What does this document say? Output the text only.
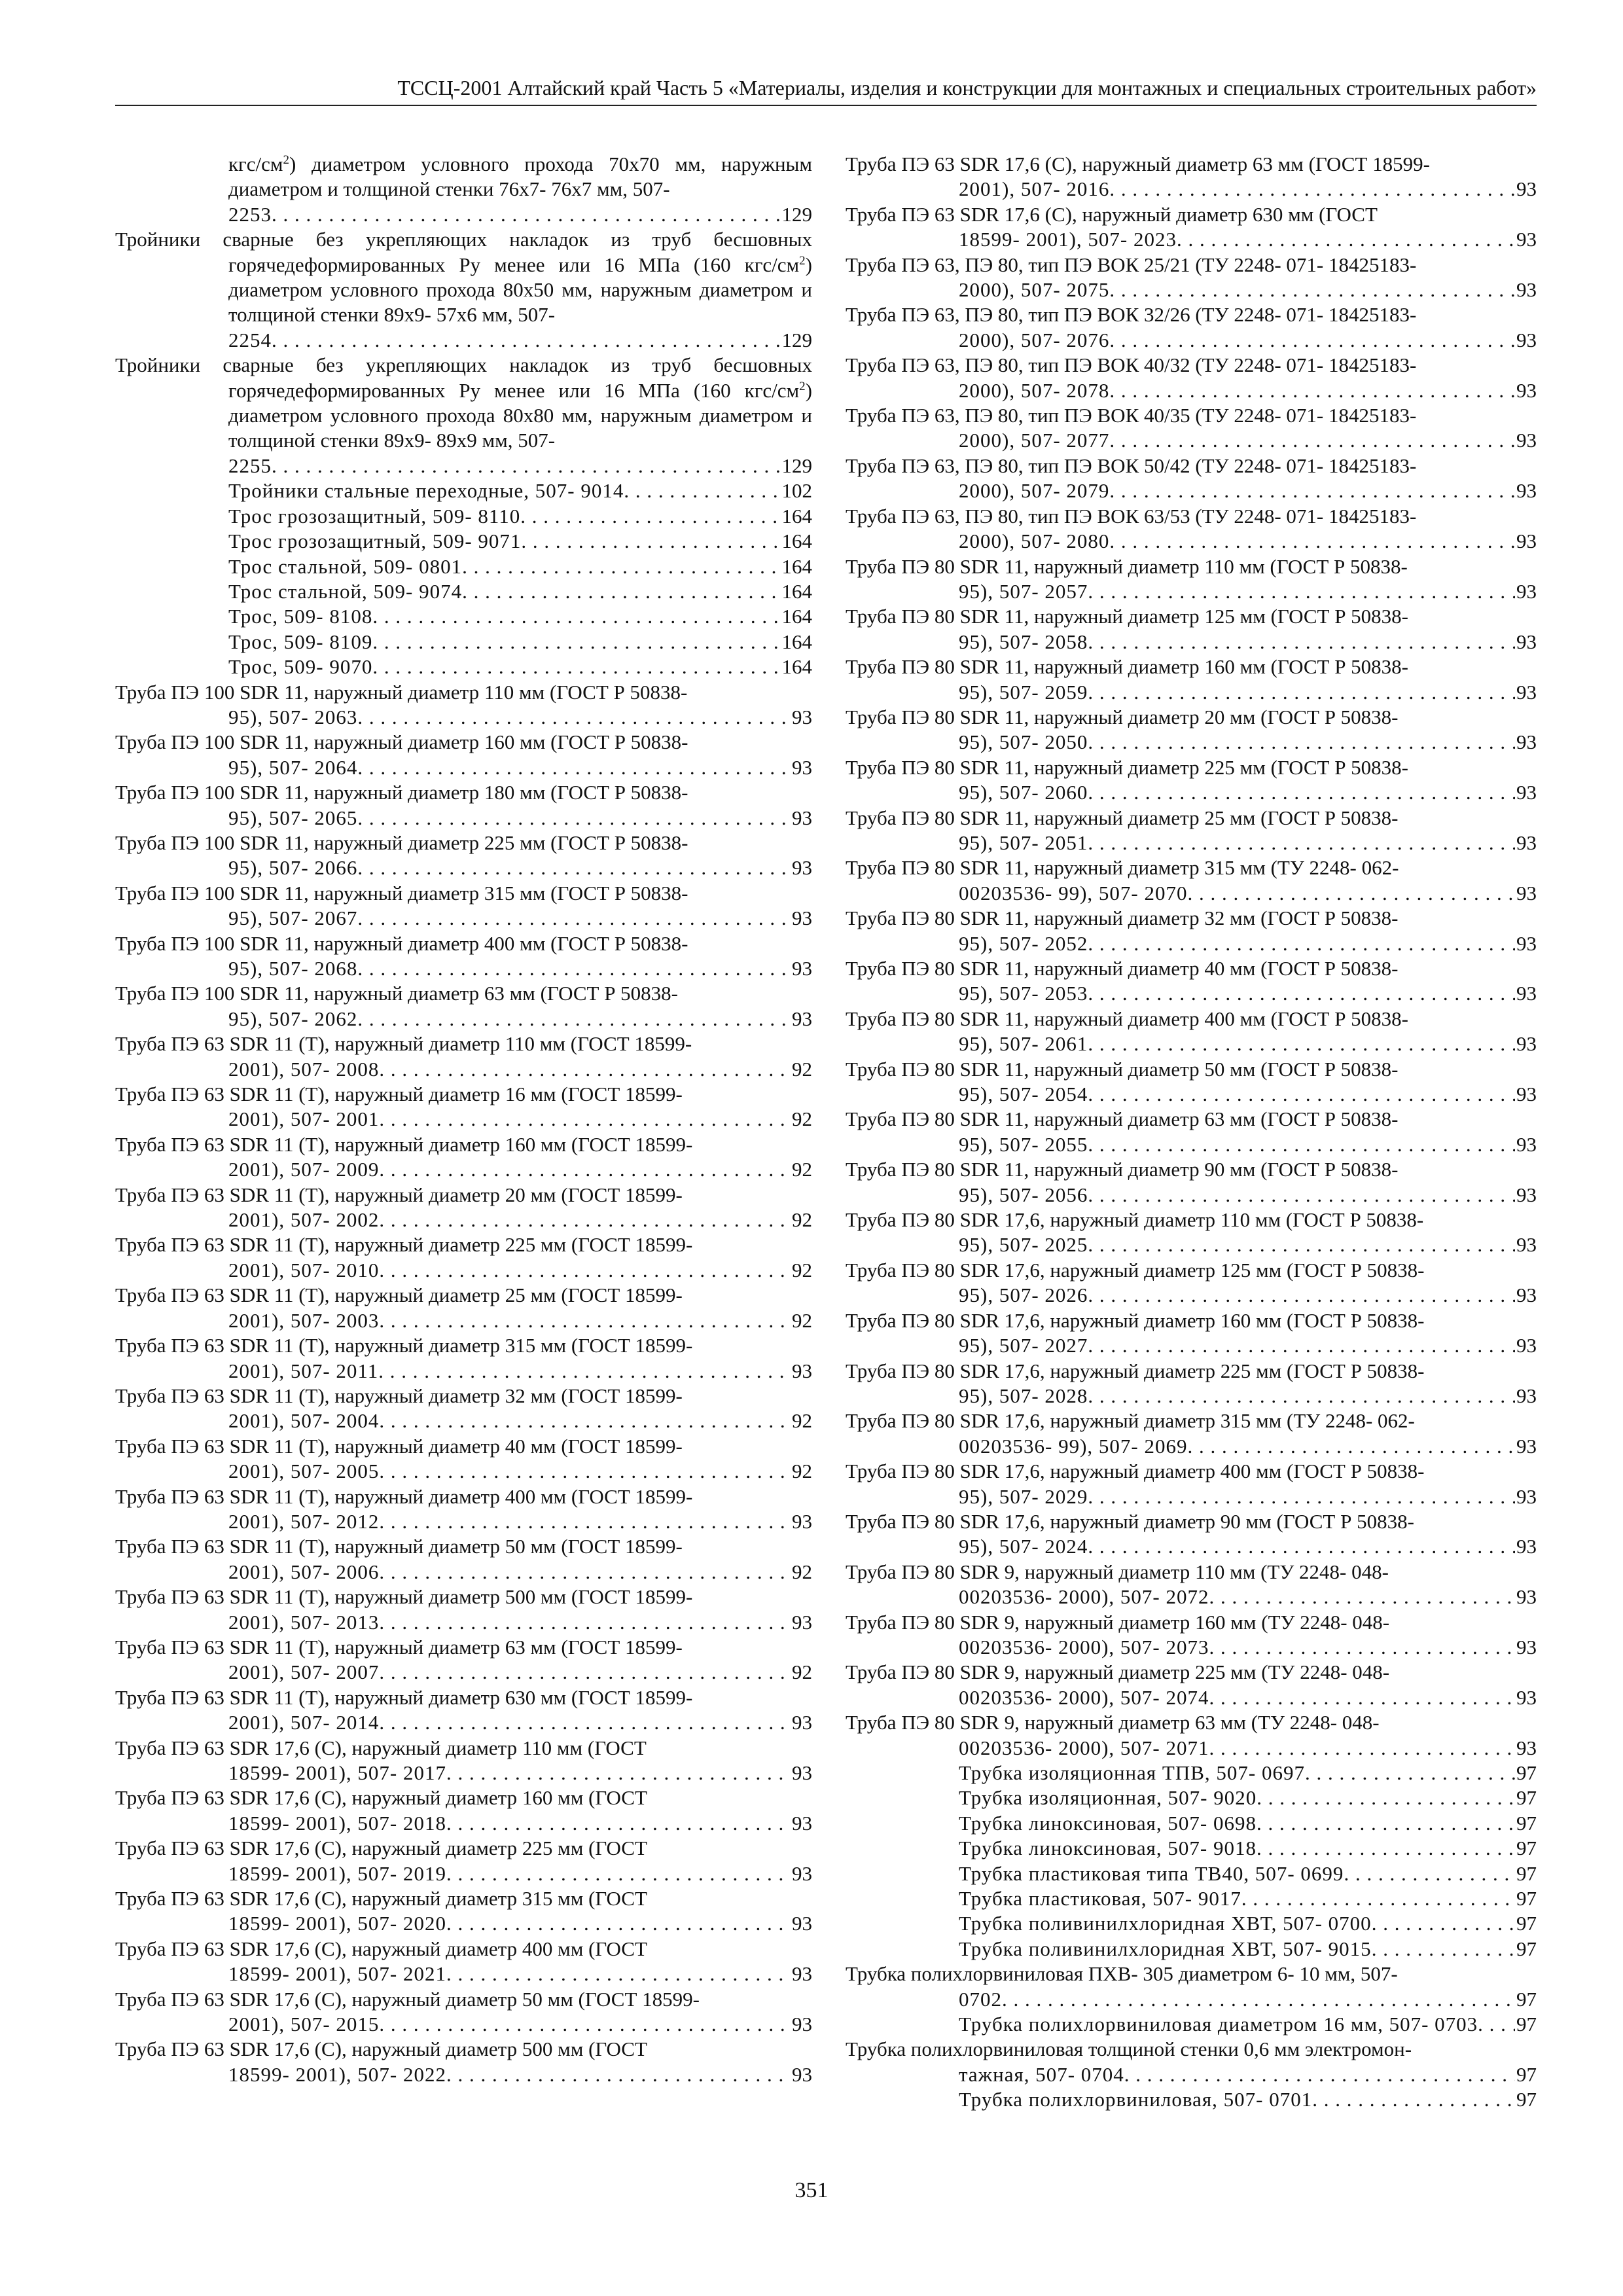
ТССЦ-2001 Алтайский край Часть 5 «Материалы, изделия и конструкции для монтажных и специальных строительных работ»
кгс/$см^2$) диаметром условного прохода 70х70 мм, наружным диаметром и толщиной стенки 76х7- 76х7 мм, 507-
2253 . . .	129
Тройники сварные без укрепляющих накладок из труб бесшовных горячедеформированных Ру менее или 16 МПа (160 кгс/$см^2$) диаметром условного прохода 80х50 мм, наружным диаметром и толщиной стенки 89х9- 57х6 мм, 507-
2254 . . .	129
Тройники сварные без укрепляющих накладок из труб бесшовных горячедеформированных Ру менее или 16 МПа (160 кгс/$см^2$) диаметром условного прохода 80х80 мм, наружным диаметром и толщиной стенки 89х9- 89х9 мм, 507-
2255 . . .	129
Тройники стальные переходные, 507- 9014 . . .	102
Трос грозозащитный, 509- 8110 . . .	164
Трос грозозащитный, 509- 9071 . . .	164
Трос стальной, 509- 0801 . . .	164
Трос стальной, 509- 9074 . . .	164
Трос, 509- 8108 . . .	164
Трос, 509- 8109 . . .	164
Трос, 509- 9070 . . .	164
Труба ПЭ 100 SDR 11, наружный диаметр 110 мм (ГОСТ Р 50838-
95), 507- 2063 . . .	93
Труба ПЭ 100 SDR 11, наружный диаметр 160 мм (ГОСТ Р 50838-
95), 507- 2064 . . .	93
Труба ПЭ 100 SDR 11, наружный диаметр 180 мм (ГОСТ Р 50838-
95), 507- 2065 . . .	93
Труба ПЭ 100 SDR 11, наружный диаметр 225 мм (ГОСТ Р 50838-
95), 507- 2066 . . .	93
Труба ПЭ 100 SDR 11, наружный диаметр 315 мм (ГОСТ Р 50838-
95), 507- 2067 . . .	93
Труба ПЭ 100 SDR 11, наружный диаметр 400 мм (ГОСТ Р 50838-
95), 507- 2068 . . .	93
Труба ПЭ 100 SDR 11, наружный диаметр 63 мм (ГОСТ Р 50838-
95), 507- 2062 . . .	93
Труба ПЭ 63 SDR 11 (Т), наружный диаметр 110 мм (ГОСТ 18599-
2001), 507- 2008 . . .	92
Труба ПЭ 63 SDR 11 (Т), наружный диаметр 16 мм (ГОСТ 18599-
2001), 507- 2001 . . .	92
Труба ПЭ 63 SDR 11 (Т), наружный диаметр 160 мм (ГОСТ 18599-
2001), 507- 2009 . . .	92
Труба ПЭ 63 SDR 11 (Т), наружный диаметр 20 мм (ГОСТ 18599-
2001), 507- 2002 . . .	92
Труба ПЭ 63 SDR 11 (Т), наружный диаметр 225 мм (ГОСТ 18599-
2001), 507- 2010 . . .	92
Труба ПЭ 63 SDR 11 (Т), наружный диаметр 25 мм (ГОСТ 18599-
2001), 507- 2003 . . .	92
Труба ПЭ 63 SDR 11 (Т), наружный диаметр 315 мм (ГОСТ 18599-
2001), 507- 2011 . . .	93
Труба ПЭ 63 SDR 11 (Т), наружный диаметр 32 мм (ГОСТ 18599-
2001), 507- 2004 . . .	92
Труба ПЭ 63 SDR 11 (Т), наружный диаметр 40 мм (ГОСТ 18599-
2001), 507- 2005 . . .	92
Труба ПЭ 63 SDR 11 (Т), наружный диаметр 400 мм (ГОСТ 18599-
2001), 507- 2012 . . .	93
Труба ПЭ 63 SDR 11 (Т), наружный диаметр 50 мм (ГОСТ 18599-
2001), 507- 2006 . . .	92
Труба ПЭ 63 SDR 11 (Т), наружный диаметр 500 мм (ГОСТ 18599-
2001), 507- 2013 . . .	93
Труба ПЭ 63 SDR 11 (Т), наружный диаметр 63 мм (ГОСТ 18599-
2001), 507- 2007 . . .	92
Труба ПЭ 63 SDR 11 (Т), наружный диаметр 630 мм (ГОСТ 18599-
2001), 507- 2014 . . .	93
Труба ПЭ 63 SDR 17,6 (С), наружный диаметр 110 мм (ГОСТ
18599- 2001), 507- 2017 . . .	93
Труба ПЭ 63 SDR 17,6 (С), наружный диаметр 160 мм (ГОСТ
18599- 2001), 507- 2018 . . .	93
Труба ПЭ 63 SDR 17,6 (С), наружный диаметр 225 мм (ГОСТ
18599- 2001), 507- 2019 . . .	93
Труба ПЭ 63 SDR 17,6 (С), наружный диаметр 315 мм (ГОСТ
18599- 2001), 507- 2020 . . .	93
Труба ПЭ 63 SDR 17,6 (С), наружный диаметр 400 мм (ГОСТ
18599- 2001), 507- 2021 . . .	93
Труба ПЭ 63 SDR 17,6 (С), наружный диаметр 50 мм (ГОСТ 18599-
2001), 507- 2015 . . .	93
Труба ПЭ 63 SDR 17,6 (С), наружный диаметр 500 мм (ГОСТ
18599- 2001), 507- 2022 . . .	93
Труба ПЭ 63 SDR 17,6 (С), наружный диаметр 63 мм (ГОСТ 18599-
2001), 507- 2016 . . .	93
Труба ПЭ 63 SDR 17,6 (С), наружный диаметр 630 мм (ГОСТ
18599- 2001), 507- 2023 . . .	93
Труба ПЭ 63, ПЭ 80, тип ПЭ ВОК 25/21 (ТУ 2248- 071- 18425183-
2000), 507- 2075 . . .	93
Труба ПЭ 63, ПЭ 80, тип ПЭ ВОК 32/26 (ТУ 2248- 071- 18425183-
2000), 507- 2076 . . .	93
Труба ПЭ 63, ПЭ 80, тип ПЭ ВОК 40/32 (ТУ 2248- 071- 18425183-
2000), 507- 2078 . . .	93
Труба ПЭ 63, ПЭ 80, тип ПЭ ВОК 40/35 (ТУ 2248- 071- 18425183-
2000), 507- 2077 . . .	93
Труба ПЭ 63, ПЭ 80, тип ПЭ ВОК 50/42 (ТУ 2248- 071- 18425183-
2000), 507- 2079 . . .	93
Труба ПЭ 63, ПЭ 80, тип ПЭ ВОК 63/53 (ТУ 2248- 071- 18425183-
2000), 507- 2080 . . .	93
Труба ПЭ 80 SDR 11, наружный диаметр 110 мм (ГОСТ Р 50838-
95), 507- 2057 . . .	93
Труба ПЭ 80 SDR 11, наружный диаметр 125 мм (ГОСТ Р 50838-
95), 507- 2058 . . .	93
Труба ПЭ 80 SDR 11, наружный диаметр 160 мм (ГОСТ Р 50838-
95), 507- 2059 . . .	93
Труба ПЭ 80 SDR 11, наружный диаметр 20 мм (ГОСТ Р 50838-
95), 507- 2050 . . .	93
Труба ПЭ 80 SDR 11, наружный диаметр 225 мм (ГОСТ Р 50838-
95), 507- 2060 . . .	93
Труба ПЭ 80 SDR 11, наружный диаметр 25 мм (ГОСТ Р 50838-
95), 507- 2051 . . .	93
Труба ПЭ 80 SDR 11, наружный диаметр 315 мм (ТУ 2248- 062-
00203536- 99), 507- 2070 . . .	93
Труба ПЭ 80 SDR 11, наружный диаметр 32 мм (ГОСТ Р 50838-
95), 507- 2052 . . .	93
Труба ПЭ 80 SDR 11, наружный диаметр 40 мм (ГОСТ Р 50838-
95), 507- 2053 . . .	93
Труба ПЭ 80 SDR 11, наружный диаметр 400 мм (ГОСТ Р 50838-
95), 507- 2061 . . .	93
Труба ПЭ 80 SDR 11, наружный диаметр 50 мм (ГОСТ Р 50838-
95), 507- 2054 . . .	93
Труба ПЭ 80 SDR 11, наружный диаметр 63 мм (ГОСТ Р 50838-
95), 507- 2055 . . .	93
Труба ПЭ 80 SDR 11, наружный диаметр 90 мм (ГОСТ Р 50838-
95), 507- 2056 . . .	93
Труба ПЭ 80 SDR 17,6, наружный диаметр 110 мм (ГОСТ Р 50838-
95), 507- 2025 . . .	93
Труба ПЭ 80 SDR 17,6, наружный диаметр 125 мм (ГОСТ Р 50838-
95), 507- 2026 . . .	93
Труба ПЭ 80 SDR 17,6, наружный диаметр 160 мм (ГОСТ Р 50838-
95), 507- 2027 . . .	93
Труба ПЭ 80 SDR 17,6, наружный диаметр 225 мм (ГОСТ Р 50838-
95), 507- 2028 . . .	93
Труба ПЭ 80 SDR 17,6, наружный диаметр 315 мм (ТУ 2248- 062-
00203536- 99), 507- 2069 . . .	93
Труба ПЭ 80 SDR 17,6, наружный диаметр 400 мм (ГОСТ Р 50838-
95), 507- 2029 . . .	93
Труба ПЭ 80 SDR 17,6, наружный диаметр 90 мм (ГОСТ Р 50838-
95), 507- 2024 . . .	93
Труба ПЭ 80 SDR 9, наружный диаметр 110 мм (ТУ 2248- 048-
00203536- 2000), 507- 2072 . . .	93
Труба ПЭ 80 SDR 9, наружный диаметр 160 мм (ТУ 2248- 048-
00203536- 2000), 507- 2073 . . .	93
Труба ПЭ 80 SDR 9, наружный диаметр 225 мм (ТУ 2248- 048-
00203536- 2000), 507- 2074 . . .	93
Труба ПЭ 80 SDR 9, наружный диаметр 63 мм (ТУ 2248- 048-
00203536- 2000), 507- 2071 . . .	93
Трубка изоляционная ТПВ, 507- 0697 . . .	97
Трубка изоляционная, 507- 9020 . . .	97
Трубка линоксиновая, 507- 0698 . . .	97
Трубка линоксиновая, 507- 9018 . . .	97
Трубка пластиковая типа ТВ40, 507- 0699 . . .	97
Трубка пластиковая, 507- 9017 . . .	97
Трубка поливинилхлоридная ХВТ, 507- 0700 . . .	97
Трубка поливинилхлоридная ХВТ, 507- 9015 . . .	97
Трубка полихлорвиниловая ПХВ- 305 диаметром 6- 10 мм, 507-
0702 . . .	97
Трубка полихлорвиниловая диаметром 16 мм, 507- 0703 . . .	97
Трубка полихлорвиниловая толщиной стенки 0,6 мм электромон-
тажная, 507- 0704 . . .	97
Трубка полихлорвиниловая, 507- 0701 . . .	97
351
